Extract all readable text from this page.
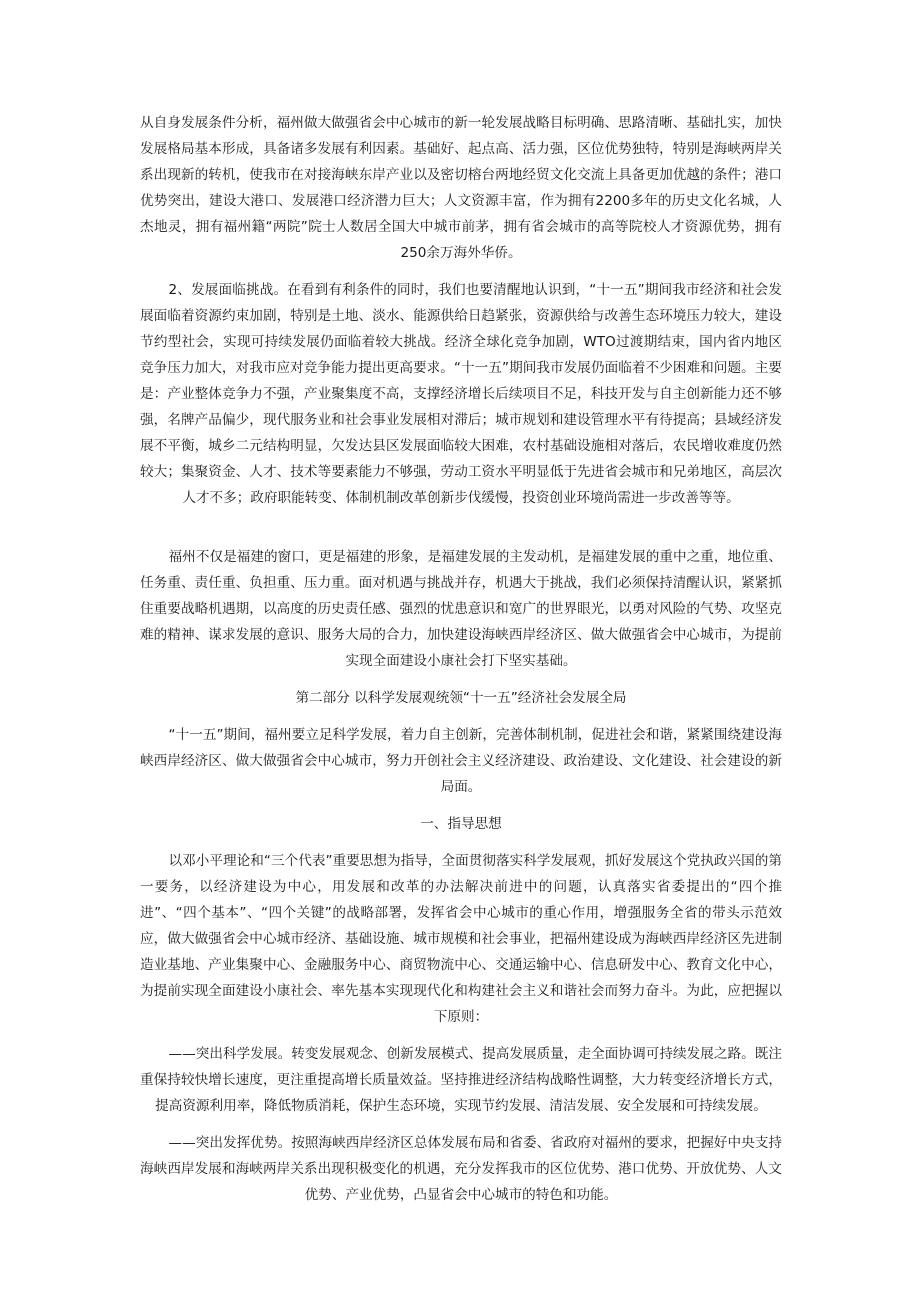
从自身发展条件分析，福州做大做强省会中心城市的新一轮发展战略目标明确、思路清晰、基础扎实，加快发展格局基本形成，具备诸多发展有利因素。基础好、起点高、活力强，区位优势独特，特别是海峡两岸关系出现新的转机，使我市在对接海峡东岸产业以及密切榕台两地经贸文化交流上具备更加优越的条件；港口优势突出，建设大港口、发展港口经济潜力巨大；人文资源丰富，作为拥有2200多年的历史文化名城，人杰地灵，拥有福州籍“两院”院士人数居全国大中城市前茅，拥有省会城市的高等院校人才资源优势，拥有250余万海外华侨。

2、发展面临挑战。在看到有利条件的同时，我们也要清醒地认识到，“十一五”期间我市经济和社会发展面临着资源约束加剧，特别是土地、淡水、能源供给日趋紧张，资源供给与改善生态环境压力较大，建设节约型社会，实现可持续发展仍面临着较大挑战。经济全球化竞争加剧，WTO过渡期结束，国内省内地区竞争压力加大，对我市应对竞争能力提出更高要求。“十一五”期间我市发展仍面临着不少困难和问题。主要是：产业整体竞争力不强，产业聚集度不高，支撑经济增长后续项目不足，科技开发与自主创新能力还不够强，名牌产品偏少，现代服务业和社会事业发展相对滞后；城市规划和建设管理水平有待提高；县域经济发展不平衡，城乡二元结构明显，欠发达县区发展面临较大困难，农村基础设施相对落后，农民增收难度仍然较大；集聚资金、人才、技术等要素能力不够强，劳动工资水平明显低于先进省会城市和兄弟地区，高层次人才不多；政府职能转变、体制机制改革创新步伐缓慢，投资创业环境尚需进一步改善等等。

福州不仅是福建的窗口，更是福建的形象，是福建发展的主发动机，是福建发展的重中之重，地位重、任务重、责任重、负担重、压力重。面对机遇与挑战并存，机遇大于挑战，我们必须保持清醒认识，紧紧抓住重要战略机遇期，以高度的历史责任感、强烈的忧患意识和宽广的世界眼光，以勇对风险的气势、攻坚克难的精神、谋求发展的意识、服务大局的合力，加快建设海峡西岸经济区、做大做强省会中心城市，为提前实现全面建设小康社会打下坚实基础。

第二部分 以科学发展观统领“十一五”经济社会发展全局

“十一五”期间，福州要立足科学发展，着力自主创新，完善体制机制，促进社会和谐，紧紧围绕建设海峡西岸经济区、做大做强省会中心城市，努力开创社会主义经济建设、政治建设、文化建设、社会建设的新局面。

一、指导思想

以邓小平理论和“三个代表”重要思想为指导，全面贯彻落实科学发展观，抓好发展这个党执政兴国的第一要务，以经济建设为中心，用发展和改革的办法解决前进中的问题，认真落实省委提出的“四个推进”、“四个基本”、“四个关键”的战略部署，发挥省会中心城市的重心作用，增强服务全省的带头示范效应，做大做强省会中心城市经济、基础设施、城市规模和社会事业，把福州建设成为海峡西岸经济区先进制造业基地、产业集聚中心、金融服务中心、商贸物流中心、交通运输中心、信息研发中心、教育文化中心，为提前实现全面建设小康社会、率先基本实现现代化和构建社会主义和谐社会而努力奋斗。为此，应把握以下原则：

——突出科学发展。转变发展观念、创新发展模式、提高发展质量，走全面协调可持续发展之路。既注重保持较快增长速度，更注重提高增长质量效益。坚持推进经济结构战略性调整，大力转变经济增长方式，提高资源利用率，降低物质消耗，保护生态环境，实现节约发展、清洁发展、安全发展和可持续发展。

——突出发挥优势。按照海峡西岸经济区总体发展布局和省委、省政府对福州的要求，把握好中央支持海峡西岸发展和海峡两岸关系出现积极变化的机遇，充分发挥我市的区位优势、港口优势、开放优势、人文优势、产业优势，凸显省会中心城市的特色和功能。
